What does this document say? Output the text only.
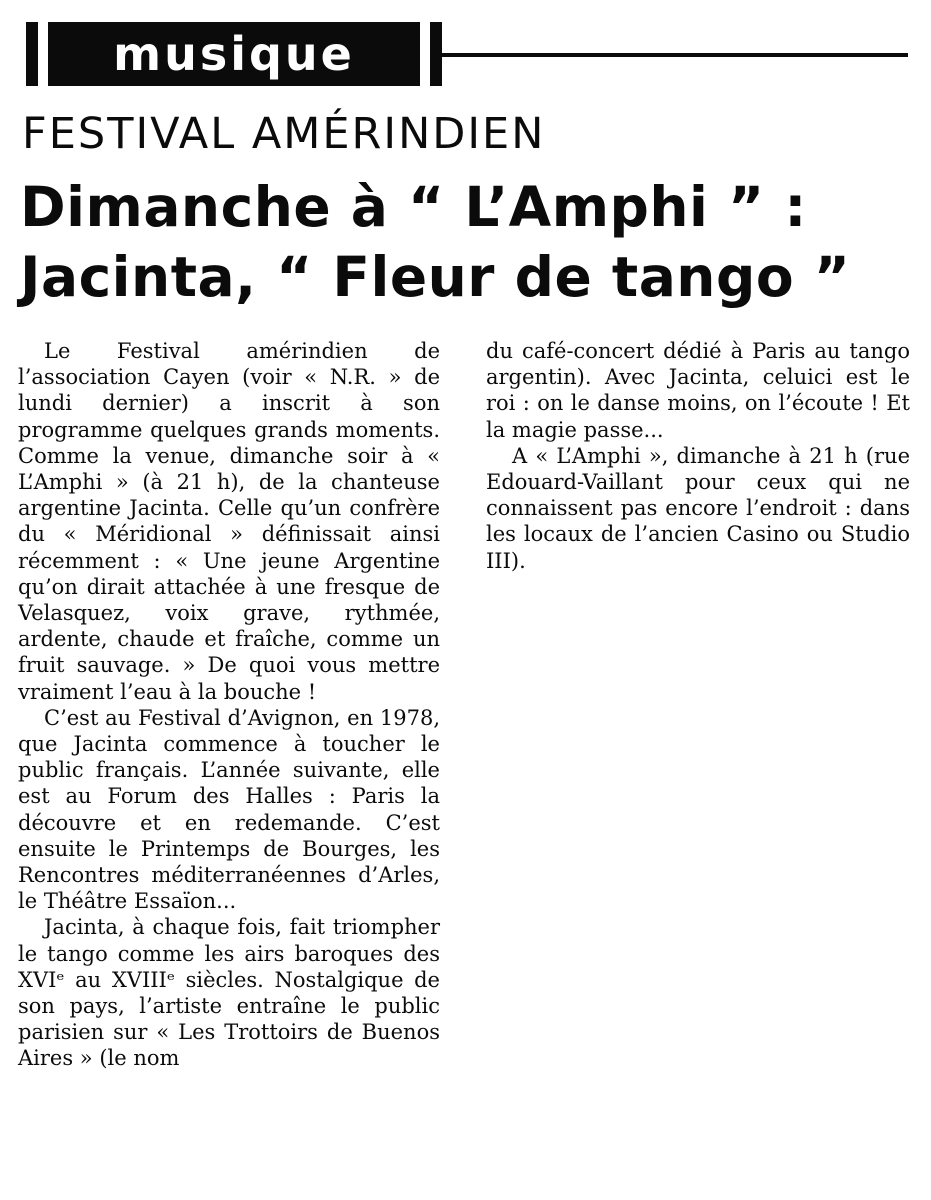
musique
FESTIVAL AMÉRINDIEN
Dimanche à “ L’Amphi ” :
Jacinta, “ Fleur de tango ”

Le Festival amérindien de l’association Cayen (voir « N.R. » de lundi dernier) a inscrit à son programme quelques grands moments. Comme la venue, dimanche soir à « L’Amphi » (à 21 h), de la chanteuse argentine Jacinta. Celle qu’un confrère du « Méridional » définissait ainsi récemment : « Une jeune Argentine qu’on dirait attachée à une fresque de Velasquez, voix grave, rythmée, ardente, chaude et fraîche, comme un fruit sauvage. » De quoi vous mettre vraiment l’eau à la bouche !

C’est au Festival d’Avignon, en 1978, que Jacinta commence à toucher le public français. L’année suivante, elle est au Forum des Halles : Paris la découvre et en redemande. C’est ensuite le Printemps de Bourges, les Rencontres méditerranéennes d’Arles, le Théâtre Essaïon...

Jacinta, à chaque fois, fait triompher le tango comme les airs baroques des XVIᵉ au XVIIIᵉ siècles. Nostalgique de son pays, l’artiste entraîne le public parisien sur « Les Trottoirs de Buenos Aires » (le nom

du café-concert dédié à Paris au tango argentin). Avec Jacinta, celuici est le roi : on le danse moins, on l’écoute ! Et la magie passe...

A « L’Amphi », dimanche à 21 h (rue Edouard-Vaillant pour ceux qui ne connaissent pas encore l’endroit : dans les locaux de l’ancien Casino ou Studio III).
